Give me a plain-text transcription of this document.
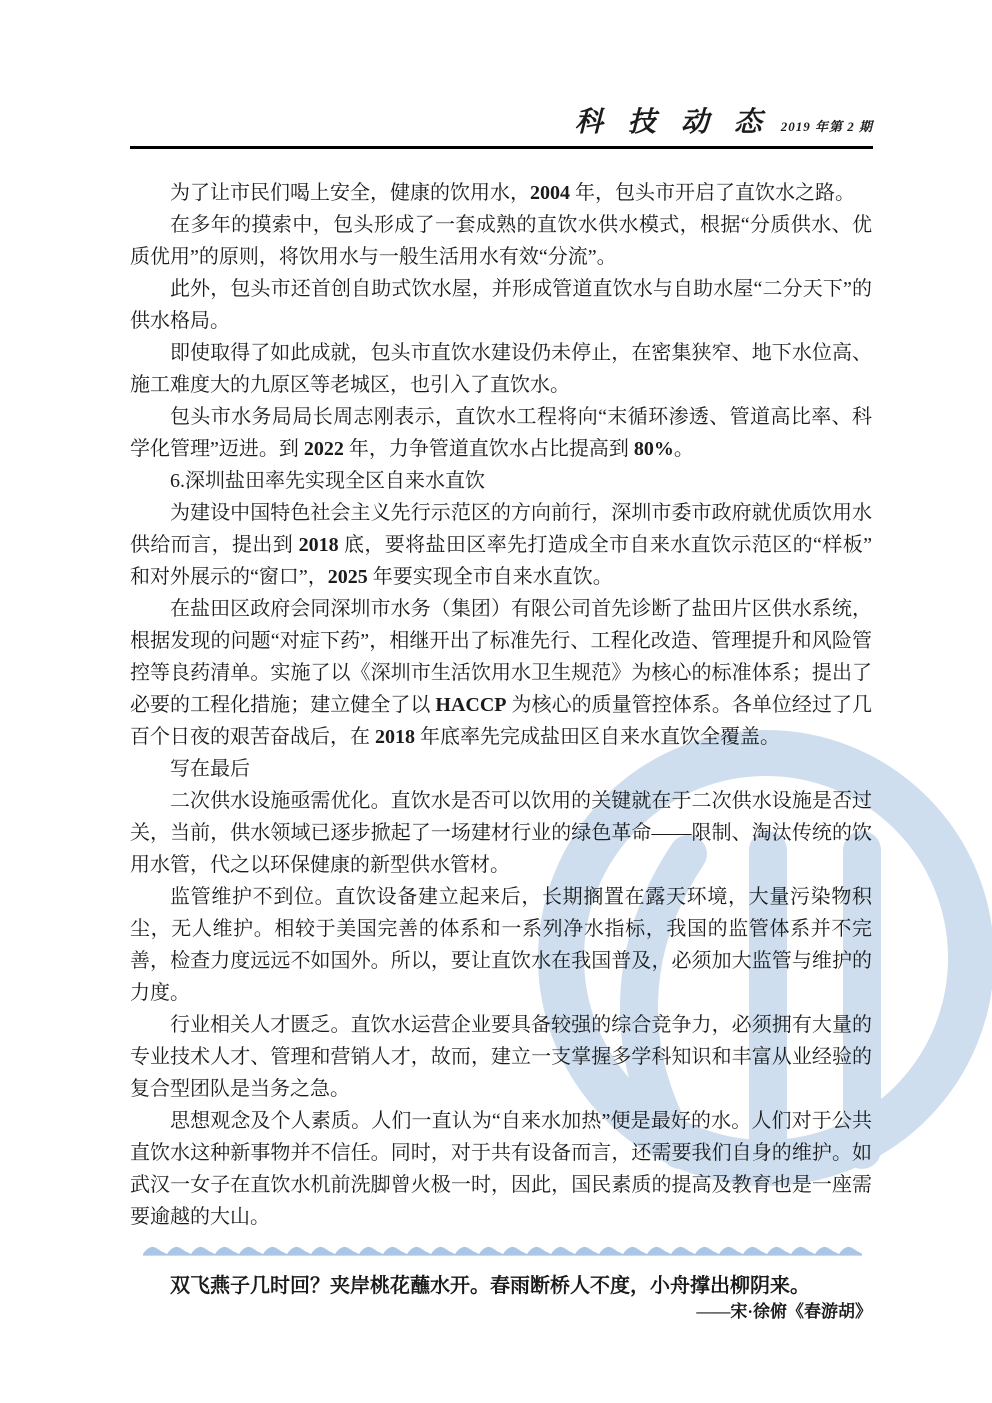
科 技 动 态 2019 年第 2 期

为了让市民们喝上安全，健康的饮用水，2004 年，包头市开启了直饮水之路。

在多年的摸索中，包头形成了一套成熟的直饮水供水模式，根据“分质供水、优质优用”的原则，将饮用水与一般生活用水有效“分流”。

此外，包头市还首创自助式饮水屋，并形成管道直饮水与自助水屋“二分天下”的供水格局。

即使取得了如此成就，包头市直饮水建设仍未停止，在密集狭窄、地下水位高、施工难度大的九原区等老城区，也引入了直饮水。

包头市水务局局长周志刚表示，直饮水工程将向“末循环渗透、管道高比率、科学化管理”迈进。到 2022 年，力争管道直饮水占比提高到 80%。

6.深圳盐田率先实现全区自来水直饮

为建设中国特色社会主义先行示范区的方向前行，深圳市委市政府就优质饮用水供给而言，提出到 2018 底，要将盐田区率先打造成全市自来水直饮示范区的“样板”和对外展示的“窗口”，2025 年要实现全市自来水直饮。

在盐田区政府会同深圳市水务（集团）有限公司首先诊断了盐田片区供水系统，根据发现的问题“对症下药”，相继开出了标准先行、工程化改造、管理提升和风险管控等良药清单。实施了以《深圳市生活饮用水卫生规范》为核心的标准体系；提出了必要的工程化措施；建立健全了以 HACCP 为核心的质量管控体系。各单位经过了几百个日夜的艰苦奋战后，在 2018 年底率先完成盐田区自来水直饮全覆盖。

写在最后

二次供水设施亟需优化。直饮水是否可以饮用的关键就在于二次供水设施是否过关，当前，供水领域已逐步掀起了一场建材行业的绿色革命——限制、淘汰传统的饮用水管，代之以环保健康的新型供水管材。

监管维护不到位。直饮设备建立起来后，长期搁置在露天环境，大量污染物积尘，无人维护。相较于美国完善的体系和一系列净水指标，我国的监管体系并不完善，检查力度远远不如国外。所以，要让直饮水在我国普及，必须加大监管与维护的力度。

行业相关人才匮乏。直饮水运营企业要具备较强的综合竞争力，必须拥有大量的专业技术人才、管理和营销人才，故而，建立一支掌握多学科知识和丰富从业经验的复合型团队是当务之急。

思想观念及个人素质。人们一直认为“自来水加热”便是最好的水。人们对于公共直饮水这种新事物并不信任。同时，对于共有设备而言，还需要我们自身的维护。如武汉一女子在直饮水机前洗脚曾火极一时，因此，国民素质的提高及教育也是一座需要逾越的大山。

双飞燕子几时回？夹岸桃花蘸水开。春雨断桥人不度，小舟撑出柳阴来。
——宋·徐俯《春游胡》
